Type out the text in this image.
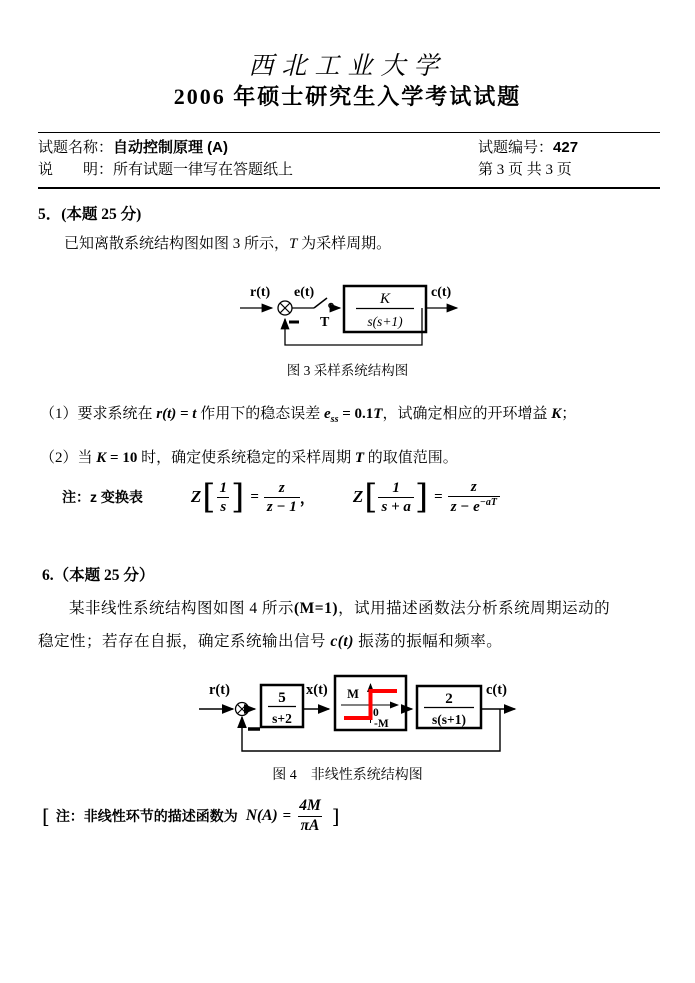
西北工业大学
2006 年硕士研究生入学考试试题
试题名称：自动控制原理 (A)	试题编号：427
说　　明：所有试题一律写在答题纸上	第 3 页 共 3 页
5．(本题 25 分)
已知离散系统结构图如图 3 所示，T 为采样周期。
r(t) e(t)
T
K
s(s+1)
c(t)
图 3 采样系统结构图
（1）要求系统在 r(t) = t 作用下的稳态误差 $e_{ss} = 0.1T$，试确定相应的开环增益 K；
（2）当 K = 10 时，确定使系统稳定的采样周期 T 的取值范围。
注：z 变换表	Z [ $\frac{1}{s}$ ] = $\frac{z}{z - 1}$ ， Z [ $\frac{1}{s + a}$ ] = $\frac{z}{z - e^{-aT}}$
6.（本题 25 分）
某非线性系统结构图如图 4 所示(M=1)，试用描述函数法分析系统周期运动的稳定性；若存在自振，确定系统输出信号 c(t) 振荡的振幅和频率。
r(t)	5
s+2
x(t) M
0
-M
2
s(s+1)
c(t)
图 4　非线性系统结构图
[ 注：非线性环节的描述函数为 $N(A) = \frac{4M}{\pi A}$ ]
